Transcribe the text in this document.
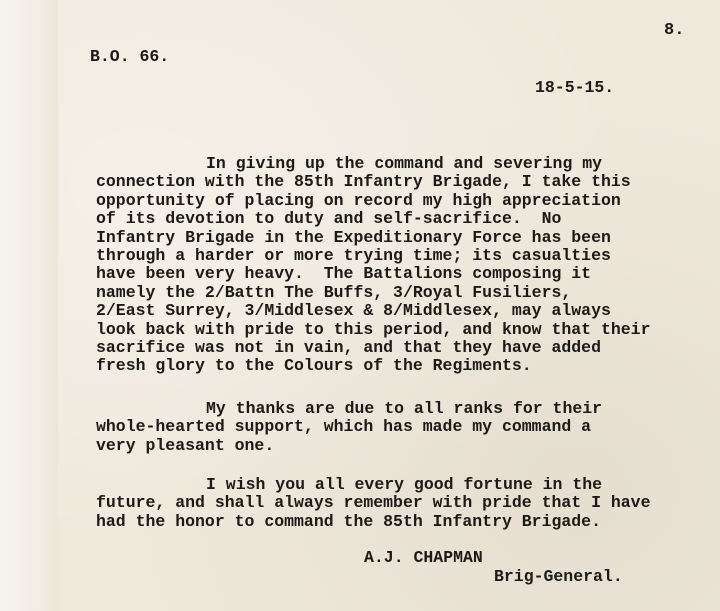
8.
B.O. 66.
18-5-15.
In giving up the command and severing my
connection with the 85th Infantry Brigade, I take this
opportunity of placing on record my high appreciation
of its devotion to duty and self-sacrifice.  No
Infantry Brigade in the Expeditionary Force has been
through a harder or more trying time; its casualties
have been very heavy.  The Battalions composing it
namely the 2/Battn The Buffs, 3/Royal Fusiliers,
2/East Surrey, 3/Middlesex & 8/Middlesex, may always
look back with pride to this period, and know that their
sacrifice was not in vain, and that they have added
fresh glory to the Colours of the Regiments.
My thanks are due to all ranks for their
whole-hearted support, which has made my command a
very pleasant one.
I wish you all every good fortune in the
future, and shall always remember with pride that I have
had the honor to command the 85th Infantry Brigade.
A.J. CHAPMAN
Brig-General.
